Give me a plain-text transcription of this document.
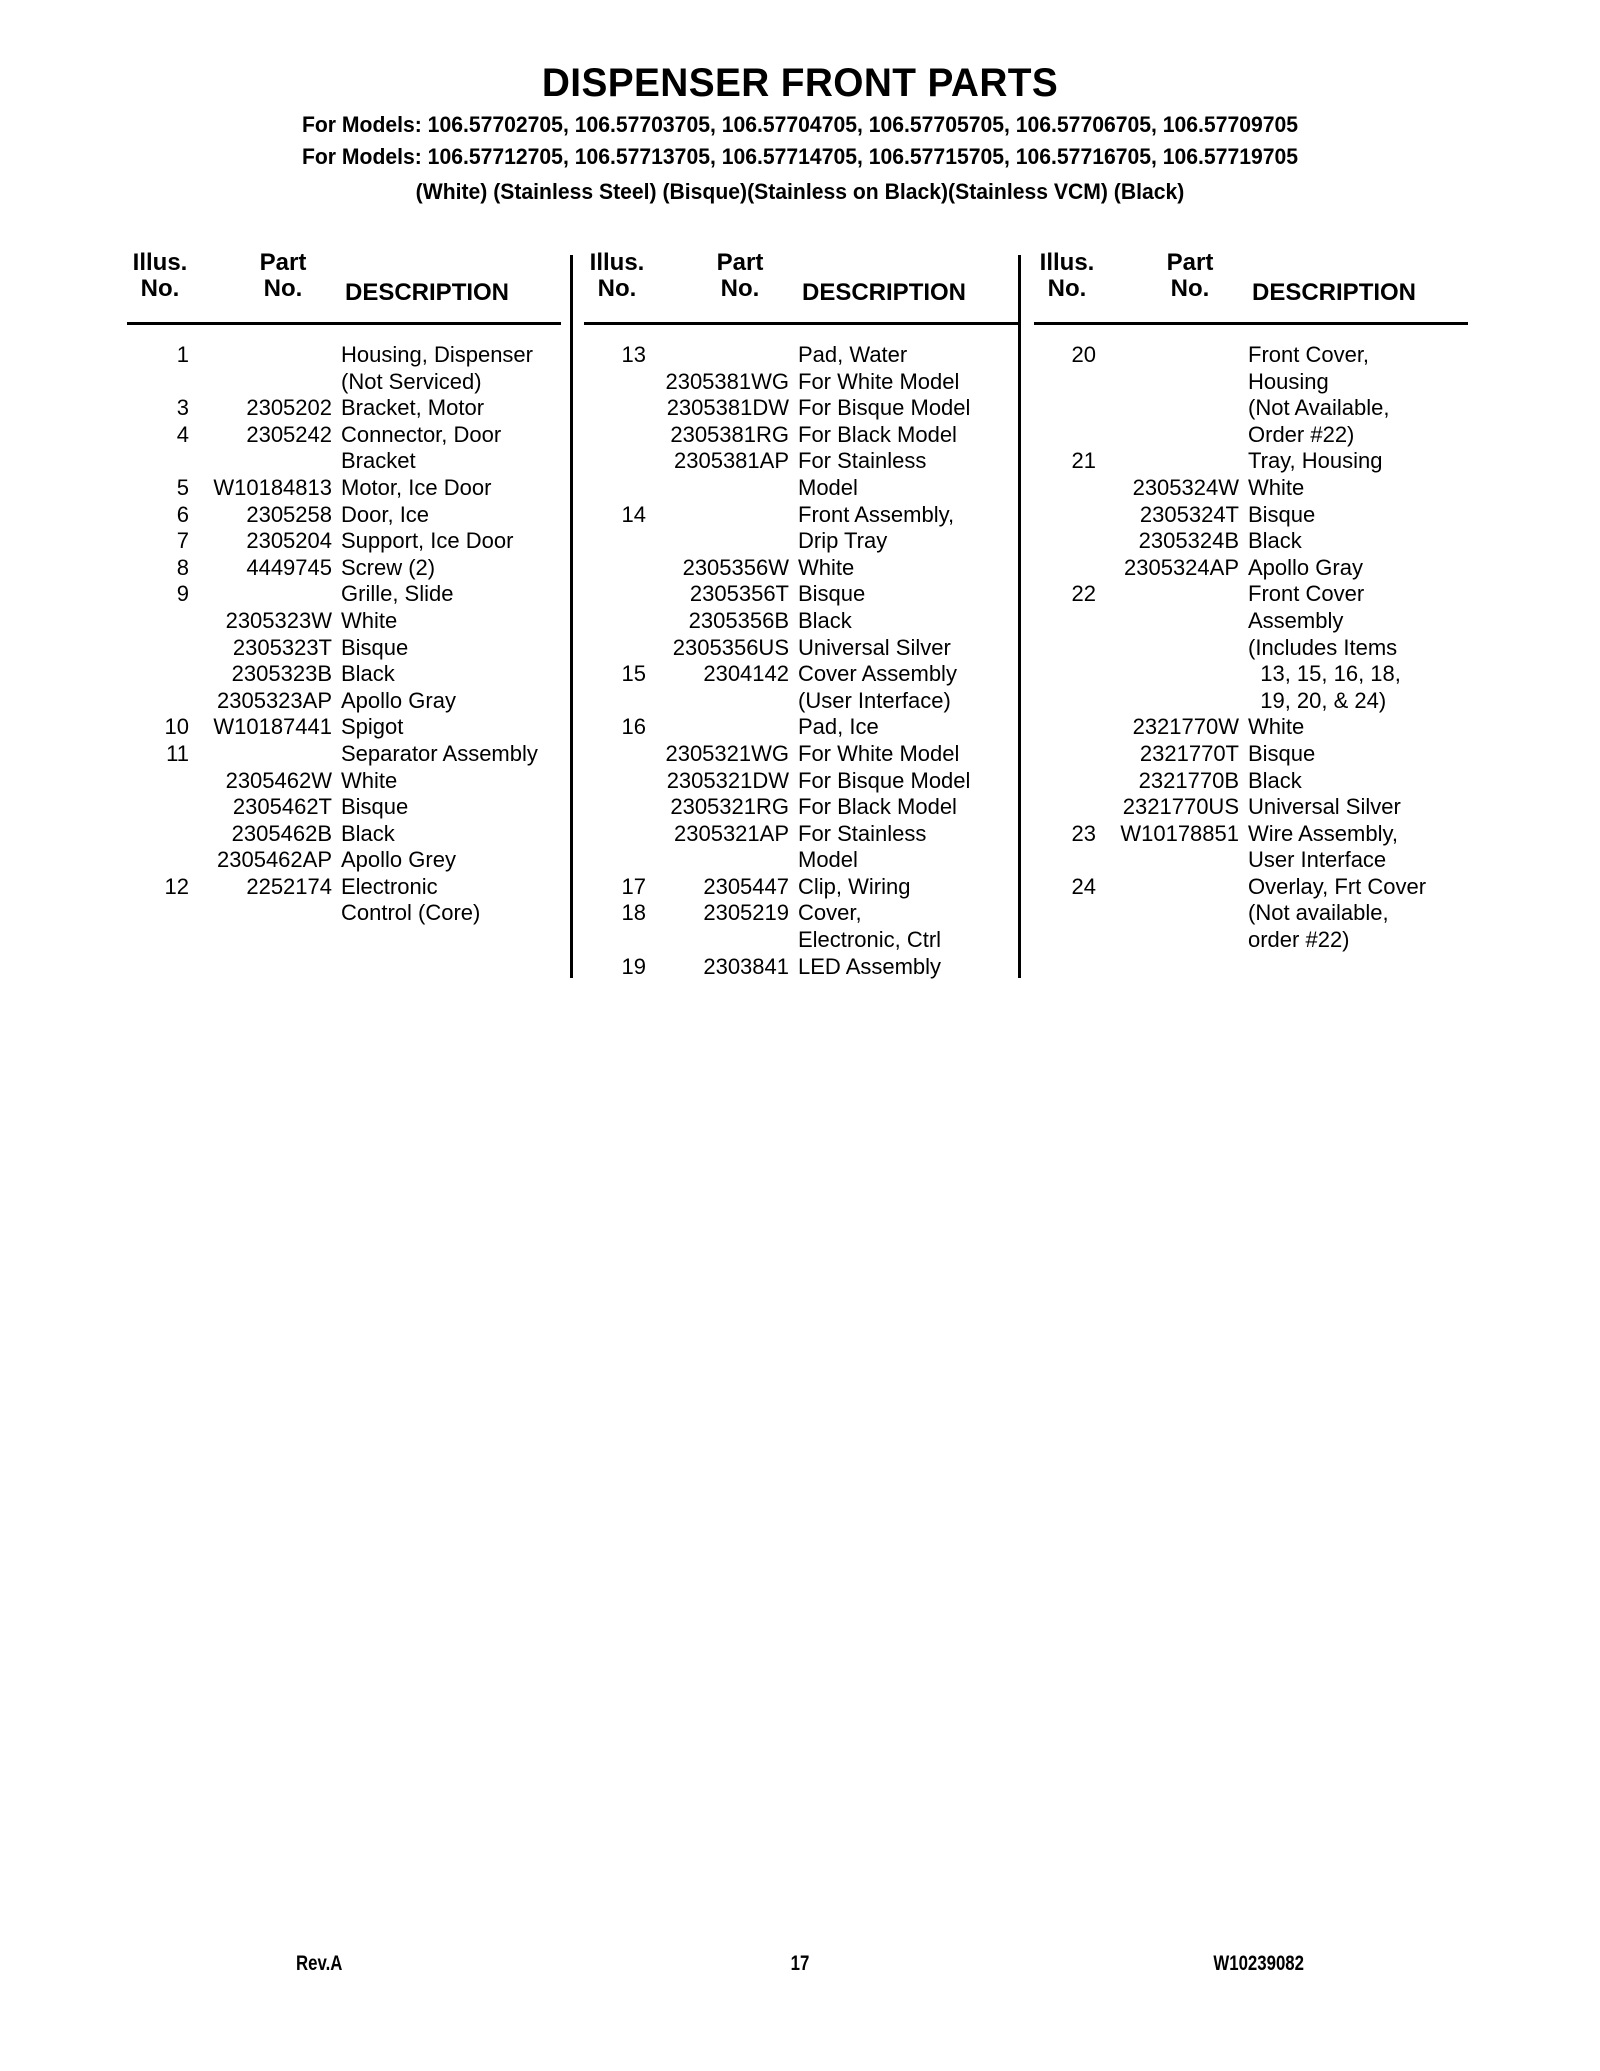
DISPENSER FRONT PARTS
For Models: 106.57702705, 106.57703705, 106.57704705, 106.57705705, 106.57706705, 106.57709705
For Models: 106.57712705, 106.57713705, 106.57714705, 106.57715705, 106.57716705, 106.57719705
(White) (Stainless Steel) (Bisque)(Stainless on Black)(Stainless VCM) (Black)
Illus.
No.
Part
No.	DESCRIPTION
1	Housing, Dispenser
(Not Serviced)
3	2305202 Bracket, Motor
4	2305242 Connector, Door
Bracket
5	W10184813 Motor, Ice Door
6	2305258 Door, Ice
7	2305204 Support, Ice Door
8	4449745 Screw (2)
9	Grille, Slide
2305323W White
2305323T Bisque
2305323B Black
2305323AP Apollo Gray
10	W10187441 Spigot
11	Separator Assembly
2305462W White
2305462T Bisque
2305462B Black
2305462AP Apollo Grey
12	2252174 Electronic
Control (Core)
Illus.
No.
Part
No.	DESCRIPTION
13	Pad, Water
2305381WG For White Model
2305381DW For Bisque Model
2305381RG For Black Model
2305381AP For Stainless
Model
14	Front Assembly,
Drip Tray
2305356W White
2305356T Bisque
2305356B Black
2305356US Universal Silver
15	2304142 Cover Assembly
(User Interface)
16	Pad, Ice
2305321WG For White Model
2305321DW For Bisque Model
2305321RG For Black Model
2305321AP For Stainless
Model
17	2305447 Clip, Wiring
18	2305219 Cover,
Electronic, Ctrl
19	2303841 LED Assembly
Illus.
No.
Part
No.	DESCRIPTION
20	Front Cover,
Housing
(Not Available,
Order #22)
21	Tray, Housing
2305324W White
2305324T Bisque
2305324B Black
2305324AP Apollo Gray
22	Front Cover
Assembly
(Includes Items
13, 15, 16, 18,
19, 20, & 24)
2321770W White
2321770T Bisque
2321770B Black
2321770US Universal Silver
23	W10178851 Wire Assembly,
User Interface
24	Overlay, Frt Cover
(Not available,
order #22)
Rev.A	17	W10239082
